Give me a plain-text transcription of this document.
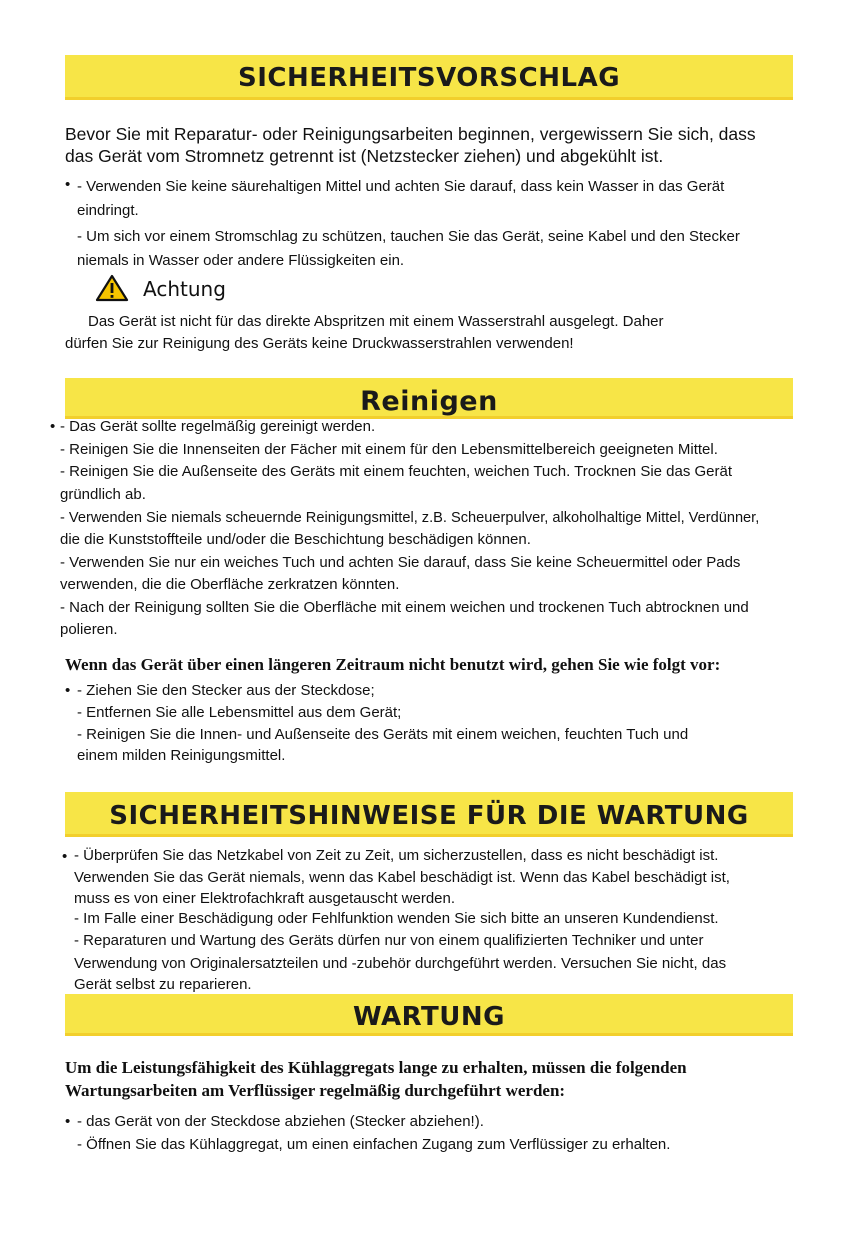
SICHERHEITSVORSCHLAG
Bevor Sie mit Reparatur- oder Reinigungsarbeiten beginnen, vergewissern Sie sich, dass
das Gerät vom Stromnetz getrennt ist (Netzstecker ziehen) und abgekühlt ist.
• - Verwenden Sie keine säurehaltigen Mittel und achten Sie darauf, dass kein Wasser in das Gerät
eindringt.
- Um sich vor einem Stromschlag zu schützen, tauchen Sie das Gerät, seine Kabel und den Stecker
niemals in Wasser oder andere Flüssigkeiten ein.
Achtung
Das Gerät ist nicht für das direkte Abspritzen mit einem Wasserstrahl ausgelegt. Daher
dürfen Sie zur Reinigung des Geräts keine Druckwasserstrahlen verwenden!
Reinigen
• - Das Gerät sollte regelmäßig gereinigt werden.
- Reinigen Sie die Innenseiten der Fächer mit einem für den Lebensmittelbereich geeigneten Mittel.
- Reinigen Sie die Außenseite des Geräts mit einem feuchten, weichen Tuch. Trocknen Sie das Gerät
gründlich ab.
- Verwenden Sie niemals scheuernde Reinigungsmittel, z.B. Scheuerpulver, alkoholhaltige Mittel, Verdünner,
die die Kunststoffteile und/oder die Beschichtung beschädigen können.
- Verwenden Sie nur ein weiches Tuch und achten Sie darauf, dass Sie keine Scheuermittel oder Pads
verwenden, die die Oberfläche zerkratzen könnten.
- Nach der Reinigung sollten Sie die Oberfläche mit einem weichen und trockenen Tuch abtrocknen und
polieren.
Wenn das Gerät über einen längeren Zeitraum nicht benutzt wird, gehen Sie wie folgt vor:
• - Ziehen Sie den Stecker aus der Steckdose;
- Entfernen Sie alle Lebensmittel aus dem Gerät;
- Reinigen Sie die Innen- und Außenseite des Geräts mit einem weichen, feuchten Tuch und
einem milden Reinigungsmittel.
SICHERHEITSHINWEISE FÜR DIE WARTUNG
• - Überprüfen Sie das Netzkabel von Zeit zu Zeit, um sicherzustellen, dass es nicht beschädigt ist.
Verwenden Sie das Gerät niemals, wenn das Kabel beschädigt ist. Wenn das Kabel beschädigt ist,
muss es von einer Elektrofachkraft ausgetauscht werden.
- Im Falle einer Beschädigung oder Fehlfunktion wenden Sie sich bitte an unseren Kundendienst.
- Reparaturen und Wartung des Geräts dürfen nur von einem qualifizierten Techniker und unter
Verwendung von Originalersatzteilen und -zubehör durchgeführt werden. Versuchen Sie nicht, das
Gerät selbst zu reparieren.
WARTUNG
Um die Leistungsfähigkeit des Kühlaggregats lange zu erhalten, müssen die folgenden
Wartungsarbeiten am Verflüssiger regelmäßig durchgeführt werden:
• - das Gerät von der Steckdose abziehen (Stecker abziehen!).
- Öffnen Sie das Kühlaggregat, um einen einfachen Zugang zum Verflüssiger zu erhalten.
